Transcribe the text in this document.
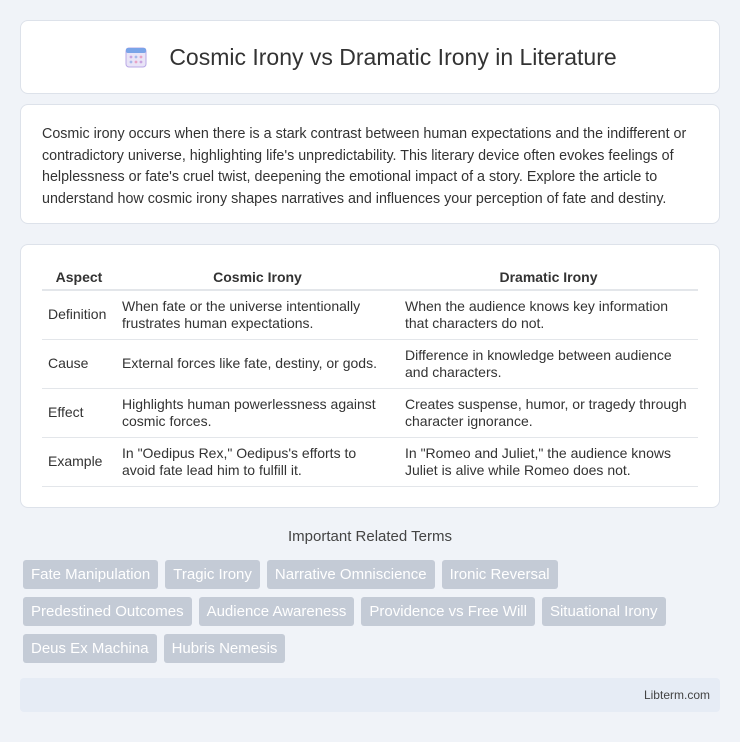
Cosmic Irony vs Dramatic Irony in Literature

Cosmic irony occurs when there is a stark contrast between human expectations and the indifferent or contradictory universe, highlighting life's unpredictability. This literary device often evokes feelings of helplessness or fate's cruel twist, deepening the emotional impact of a story. Explore the article to understand how cosmic irony shapes narratives and influences your perception of fate and destiny.

Aspect	Cosmic Irony	Dramatic Irony
Definition	When fate or the universe intentionally frustrates human expectations.	When the audience knows key information that characters do not.
Cause	External forces like fate, destiny, or gods.	Difference in knowledge between audience and characters.
Effect	Highlights human powerlessness against cosmic forces.	Creates suspense, humor, or tragedy through character ignorance.
Example	In "Oedipus Rex," Oedipus's efforts to avoid fate lead him to fulfill it.	In "Romeo and Juliet," the audience knows Juliet is alive while Romeo does not.
Important Related Terms
Fate Manipulation	Tragic Irony	Narrative Omniscience	Ironic Reversal
Predestined Outcomes	Audience Awareness	Providence vs Free Will	Situational Irony
Deus Ex Machina	Hubris Nemesis
Libterm.com
